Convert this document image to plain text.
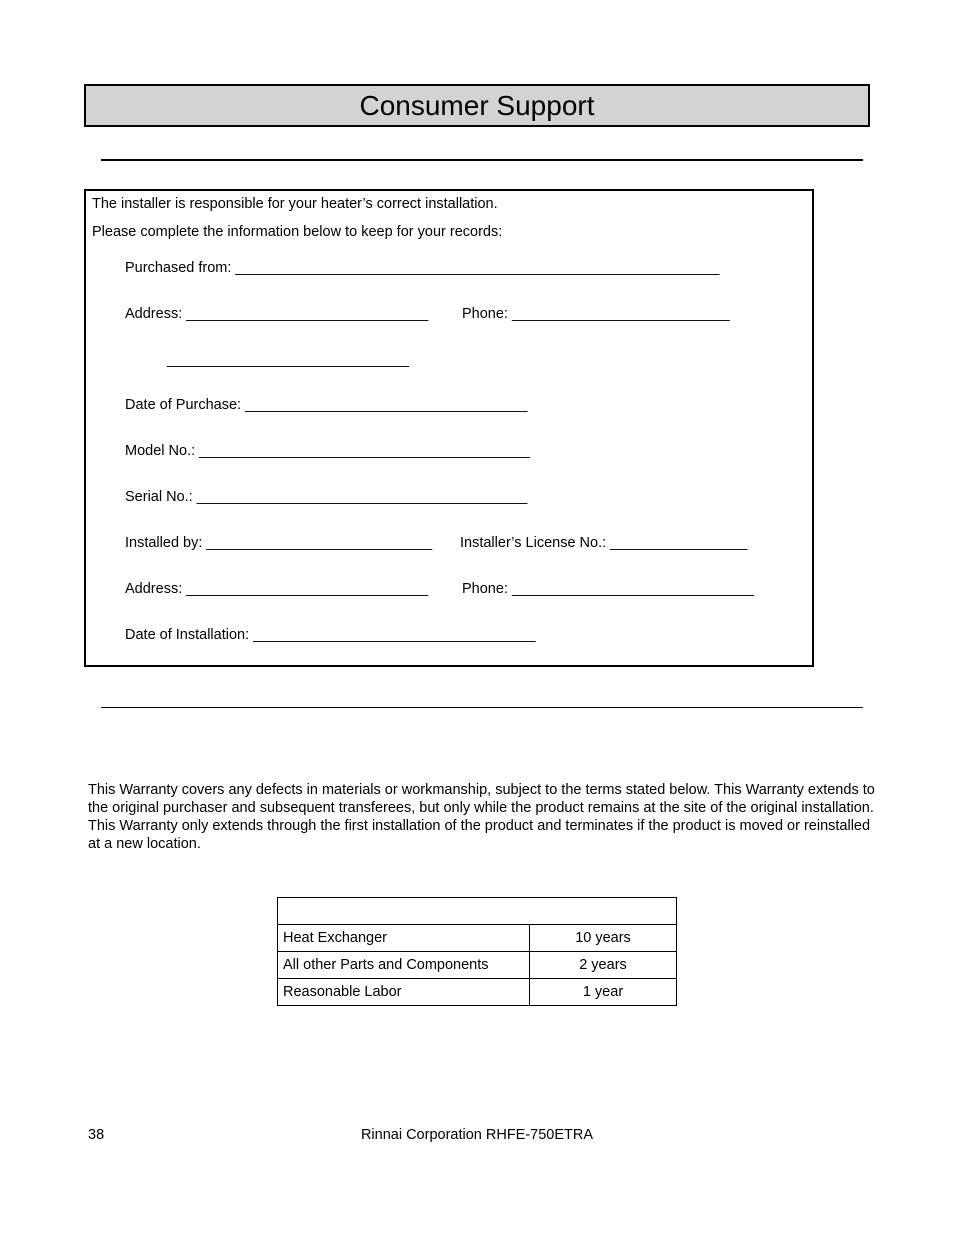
Consumer Support
The installer is responsible for your heater’s correct installation.
Please complete the information below to keep for your records:
Purchased from: ____________________________________________________________
Address: ______________________________ Phone: ___________________________
______________________________
Date of Purchase: ___________________________________
Model No.: _________________________________________
Serial No.: _________________________________________
Installed by: ____________________________ Installer’s License No.: _________________
Address: ______________________________ Phone: ______________________________
Date of Installation: ___________________________________
This Warranty covers any defects in materials or workmanship, subject to the terms stated below. This Warranty extends to the original purchaser and subsequent transferees, but only while the product remains at the site of the original installation. This Warranty only extends through the first installation of the product and terminates if the product is moved or reinstalled at a new location.

Heat Exchanger	10 years
All other Parts and Components	2 years
Reasonable Labor	1 year
Rinnai Corporation RHFE-750ETRA
38
